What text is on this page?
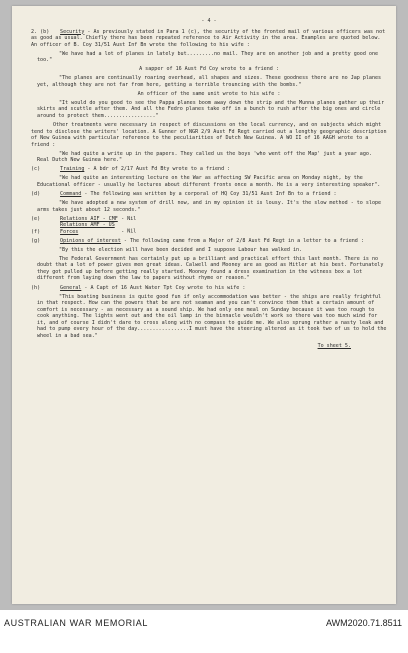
- 4 -

2. (b) Security - As previously stated in Para 1 (c), the security of the fronted mail of various officers was not as good as usual. Chiefly there has been repeated reference to Air Activity in the area. Examples are quoted below. An officer of B. Coy 31/51 Aust Inf Bn wrote the following to his wife :

"We have had a lot of planes in lately but.........no mail. They are on another job and a pretty good one too."

A sapper of 16 Aust Fd Coy wrote to a friend :

"The planes are continually roaring overhead, all shapes and sizes. These goodness there are no Jap planes yet, although they are not far from here, getting a terrible trouncing with the bombs."

An officer of the same unit wrote to his wife :

"It would do you good to see the Pappa planes boom away down the strip and the Munna planes gather up their skirts and scuttle after them. And all the Fedro planes take off in a bunch to rush after the big ones and circle around to protect them................."

Other treatments were necessary in respect of discussions on the local currency, and on subjects which might tend to disclose the writers' location. A Gunner of NGR 2/9 Aust Fd Regt carried out a lengthy geographic description of New Guinea with particular reference to the peculiarities of Dutch New Guinea. A WO II of 16 AAGH wrote to a friend :

"We had quite a write up in the papers. They called us the boys 'who went off the Map' just a year ago. Real Dutch New Guinea here."

(c)	Training - A bdr of 2/17 Aust Fd Bty wrote to a friend :

"We had quite an interesting lecture on the War as affecting SW Pacific area on Monday night, by the Educational officer - usually he lectures about different fronts once a month. He is a very interesting speaker".

(d)	Command - The following was written by a corporal of HQ Coy 31/51 Aust Inf Bn to a friend :

"We have adopted a new system of drill now, and in my opinion it is lousy. It's the slow method - to slope arms takes just about 12 seconds."

(e)	Relations AIF - CMF - Nil

(f) Relations AMF - US Forces	- Nil

(g)	Opinions of interest - The following came from a Major of 2/8 Aust Fd Regt in a letter to a friend :

"By this the election will have been decided and I suppose Labour has walked in.

The Federal Government has certainly put up a brilliant and practical effort this last month. There is no doubt that a lot of power gives men great ideas. Calwell and Mooney are as good as Hitler at his best. Fortunately they got pulled up before getting really started. Mooney found a dress examination in the witness box a lot different from laying down the law to papers without rhyme or reason."

(h)	General - A Capt of 16 Aust Water Tpt Coy wrote to his wife :

"This boating business is quite good fun if only accommodation was better - the ships are really frightful in that respect. How can the powers that be are not seaman and you can't convince them that a certain amount of comfort is necessary - as necessary as a sound ship. We had only one meal on Sunday because it was too rough to cook anything. The lights went out and the oil lamp in the binnacle wouldn't work so there was too much wind for it, and of course I didn't dare to cross along with no compass to guide me. We also sprung rather a nasty leak and had to pump every hour of the day.................I must have the steering altered as it took two of us to hold the wheel in a bad sea."

To sheet 5.

AUSTRALIAN WAR MEMORIAL	AWM2020.71.8511
